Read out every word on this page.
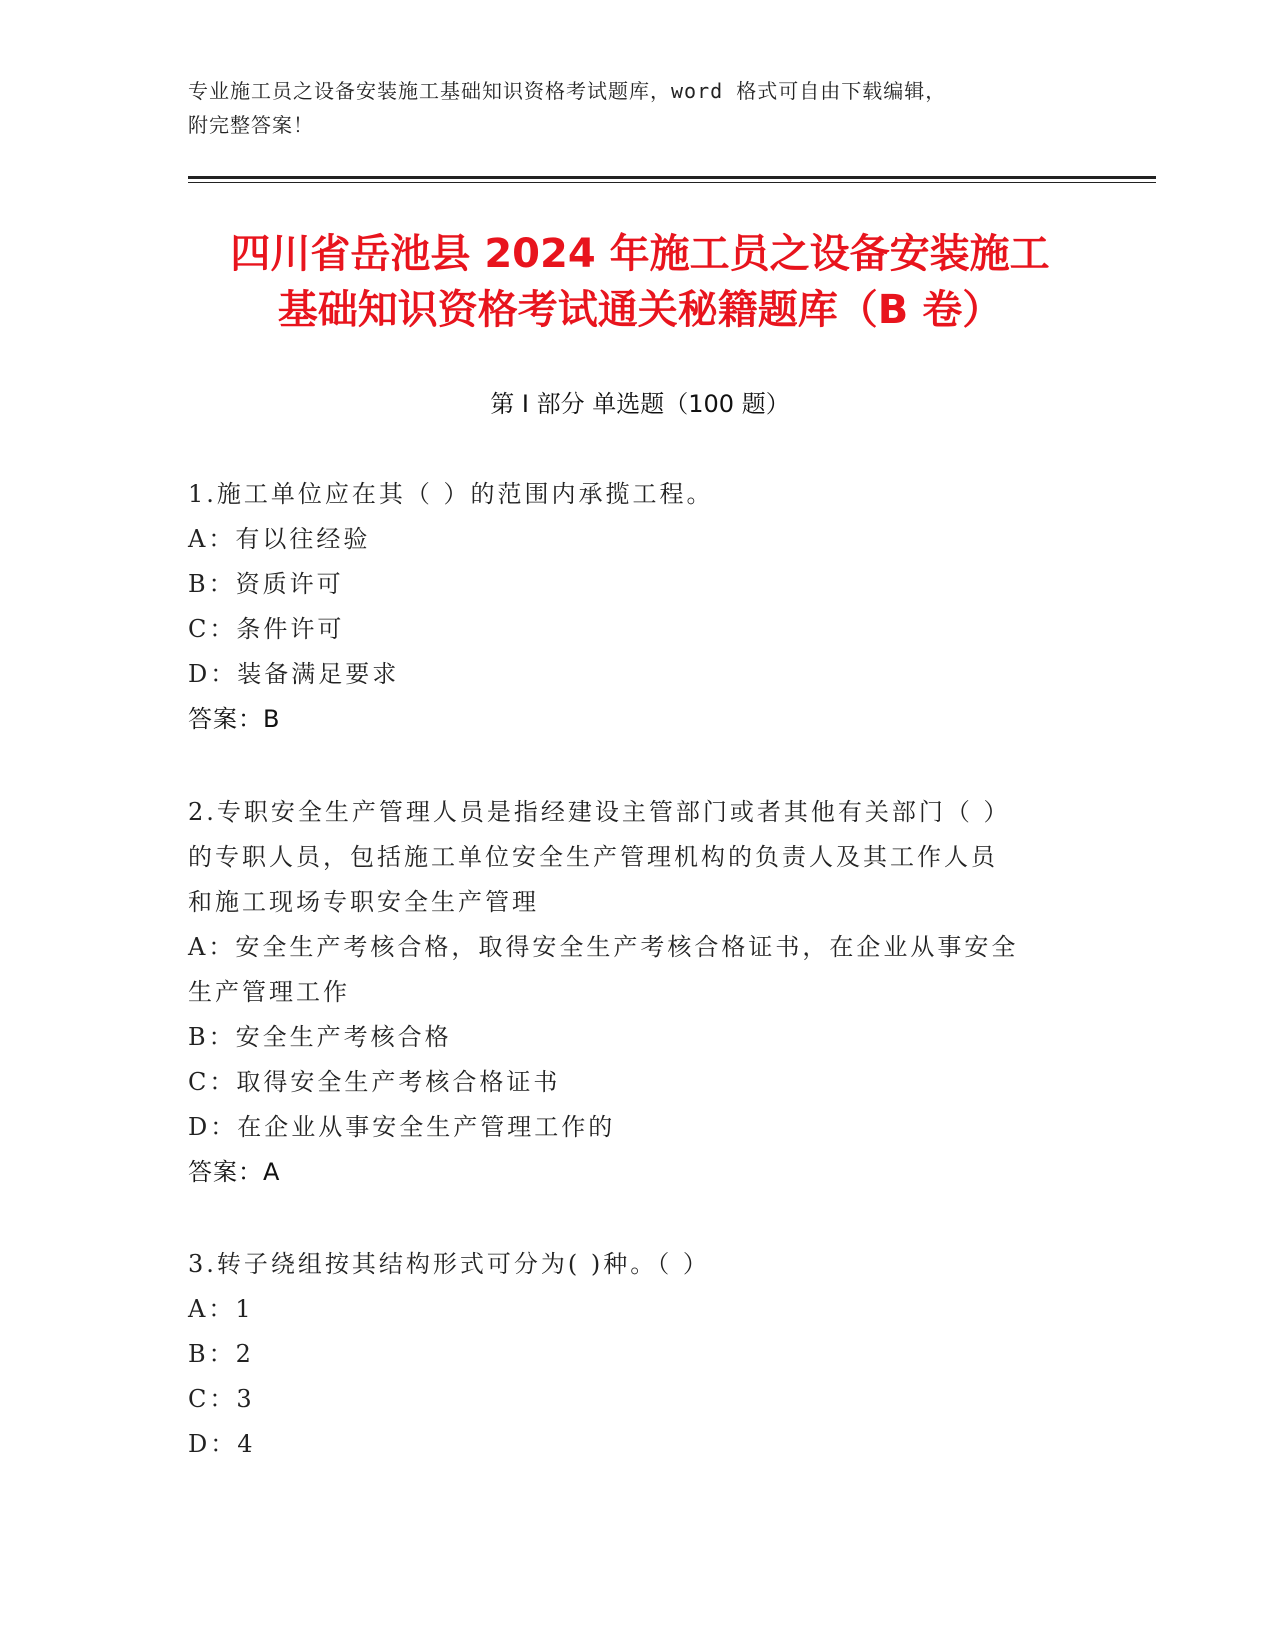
专业施工员之设备安装施工基础知识资格考试题库，word 格式可自由下载编辑，
附完整答案！
四川省岳池县 2024 年施工员之设备安装施工
基础知识资格考试通关秘籍题库（B 卷）
第 I 部分 单选题（100 题）
1.施工单位应在其（ ）的范围内承揽工程。
A：有以往经验
B：资质许可
C：条件许可
D：装备满足要求
答案：B
2.专职安全生产管理人员是指经建设主管部门或者其他有关部门（ ）
的专职人员，包括施工单位安全生产管理机构的负责人及其工作人员
和施工现场专职安全生产管理
A：安全生产考核合格，取得安全生产考核合格证书，在企业从事安全
生产管理工作
B：安全生产考核合格
C：取得安全生产考核合格证书
D：在企业从事安全生产管理工作的
答案：A
3.转子绕组按其结构形式可分为( )种。（ ）
A：1
B：2
C：3
D：4
